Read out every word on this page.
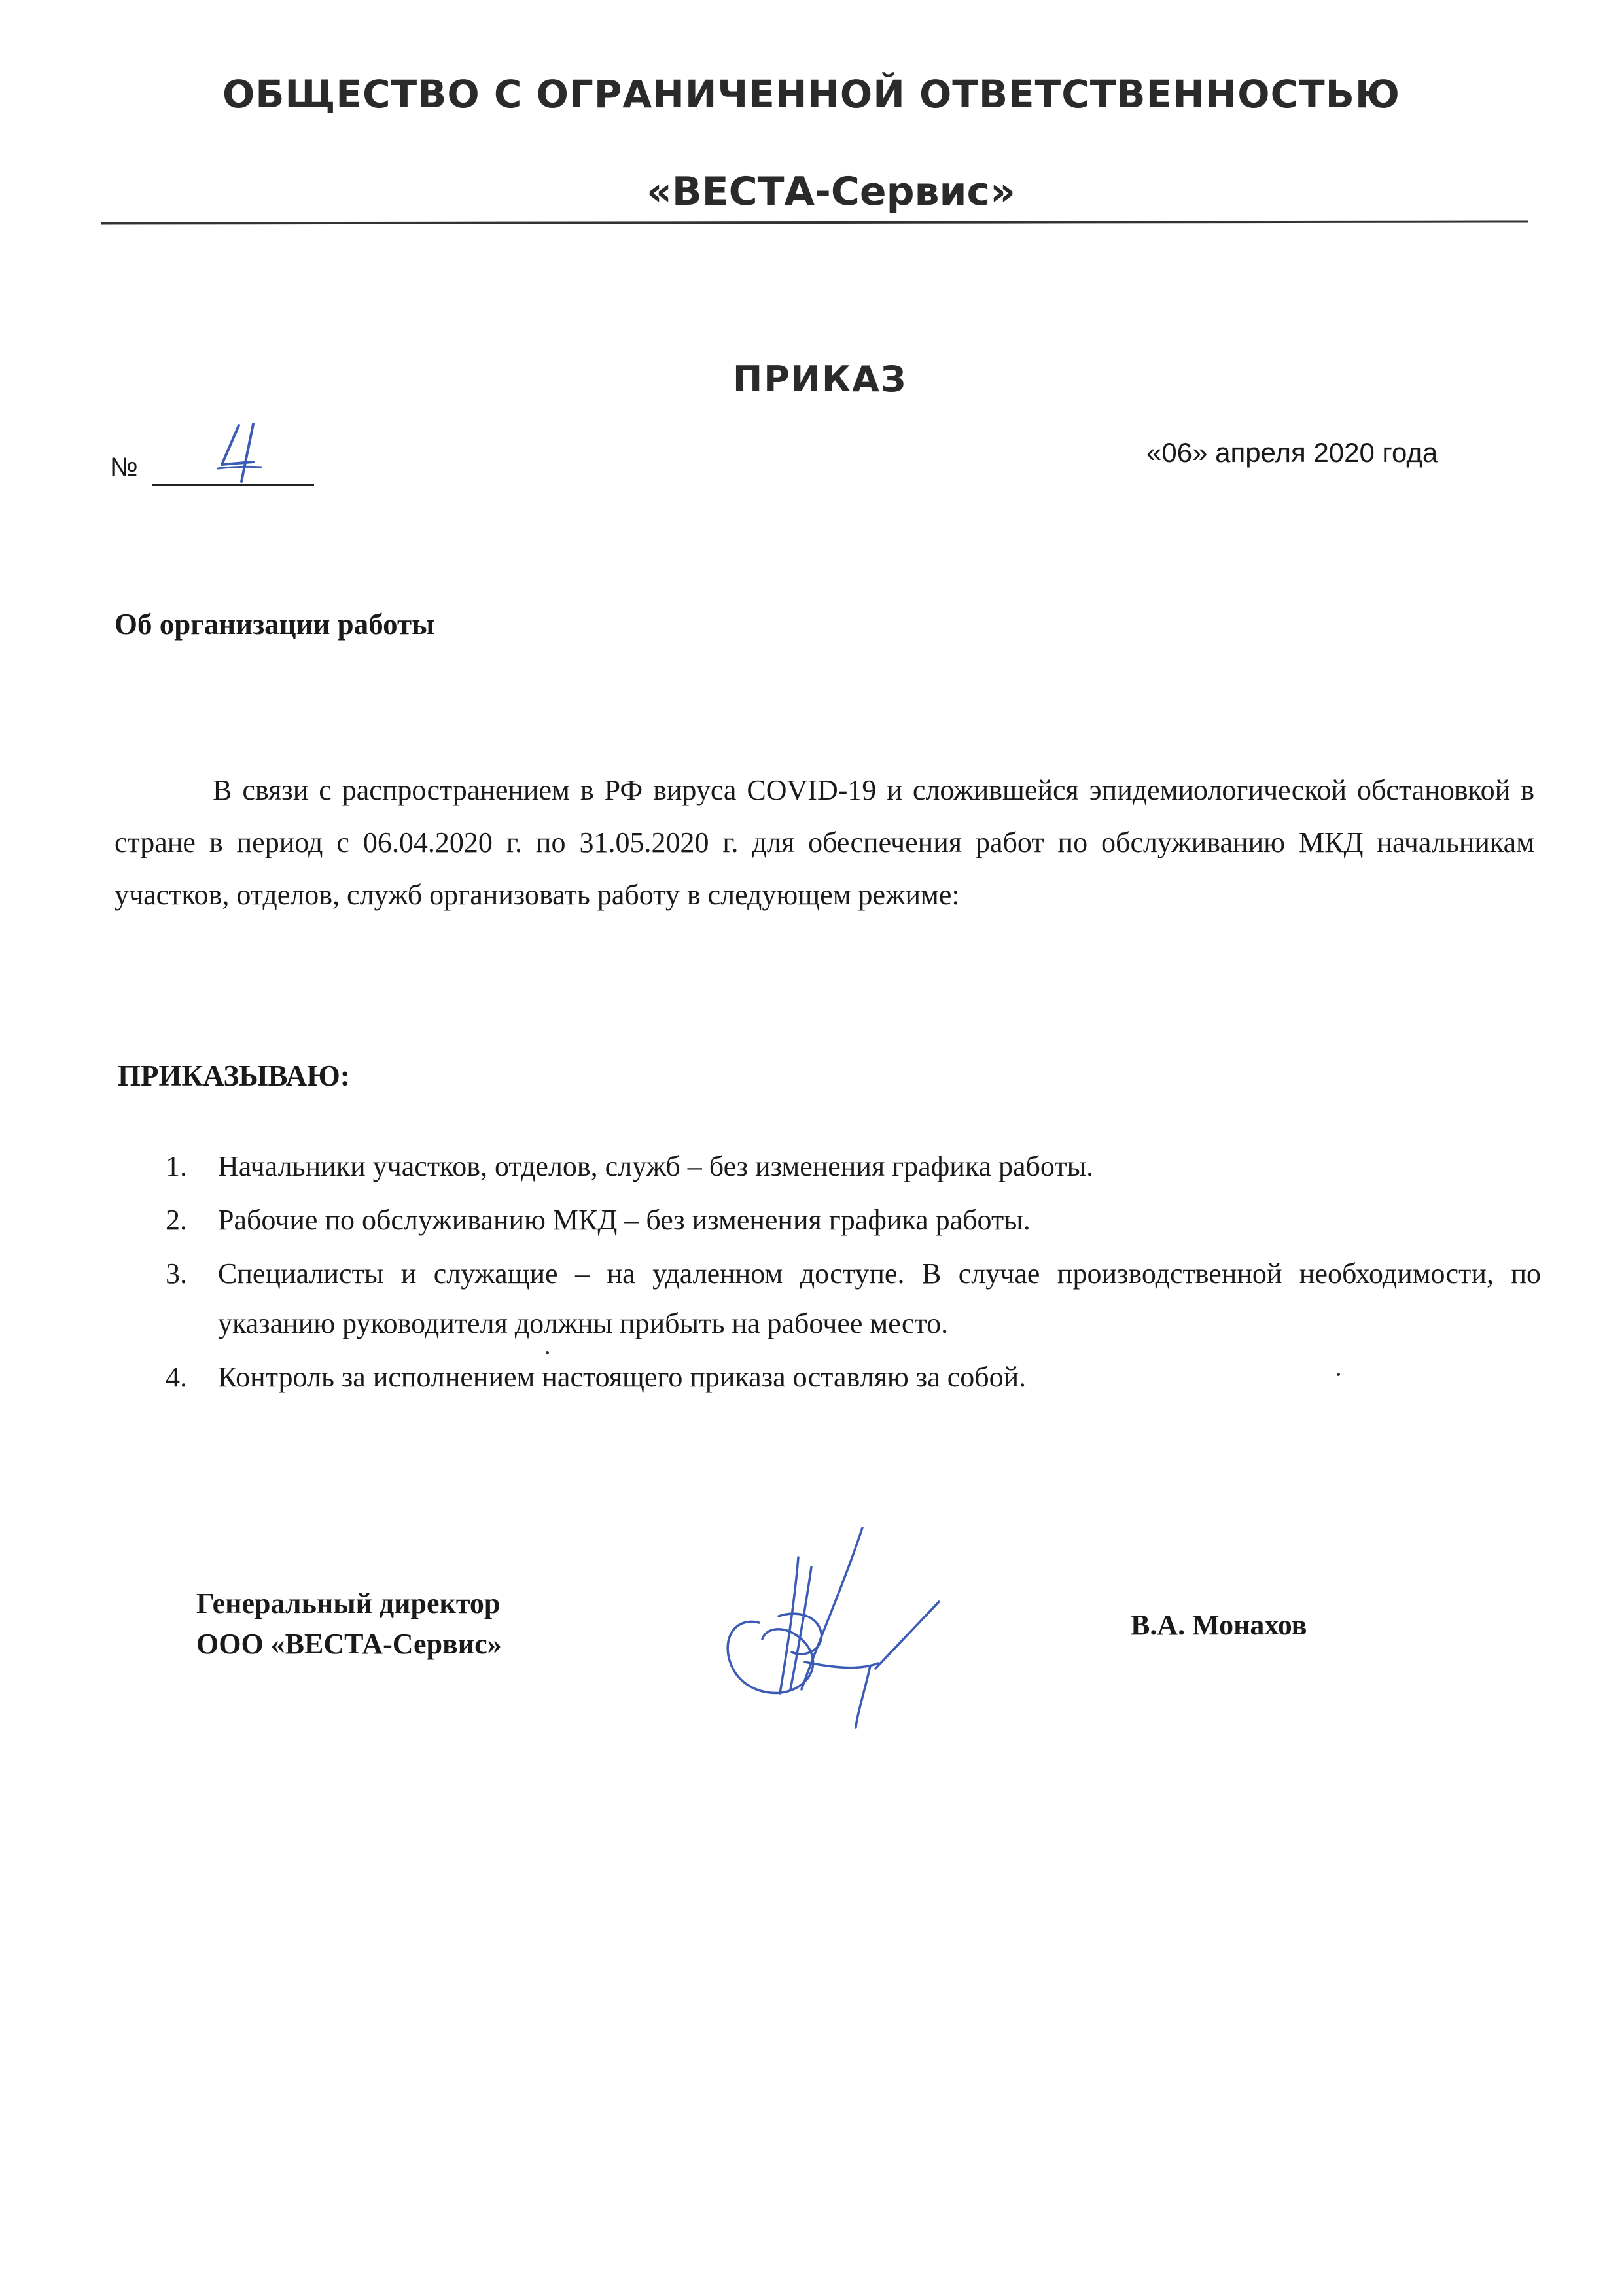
ОБЩЕСТВО С ОГРАНИЧЕННОЙ ОТВЕТСТВЕННОСТЬЮ
«ВЕСТА-Сервис»
ПРИКАЗ
№	«06» апреля 2020 года
Об организации работы

В связи с распространением в РФ вируса COVID-19 и сложившейся эпидемиологической обстановкой в стране в период с 06.04.2020 г. по 31.05.2020 г. для обеспечения работ по обслуживанию МКД начальникам участков, отделов, служб организовать работу в следующем режиме:

ПРИКАЗЫВАЮ:
1. Начальники участков, отделов, служб – без изменения графика работы.
2. Рабочие по обслуживанию МКД – без изменения графика работы.
3. Специалисты и служащие – на удаленном доступе. В случае производственной необходимости, по указанию руководителя должны прибыть на рабочее место.
4. Контроль за исполнением настоящего приказа оставляю за собой.
Генеральный директор
ООО «ВЕСТА-Сервис»
В.А. Монахов
